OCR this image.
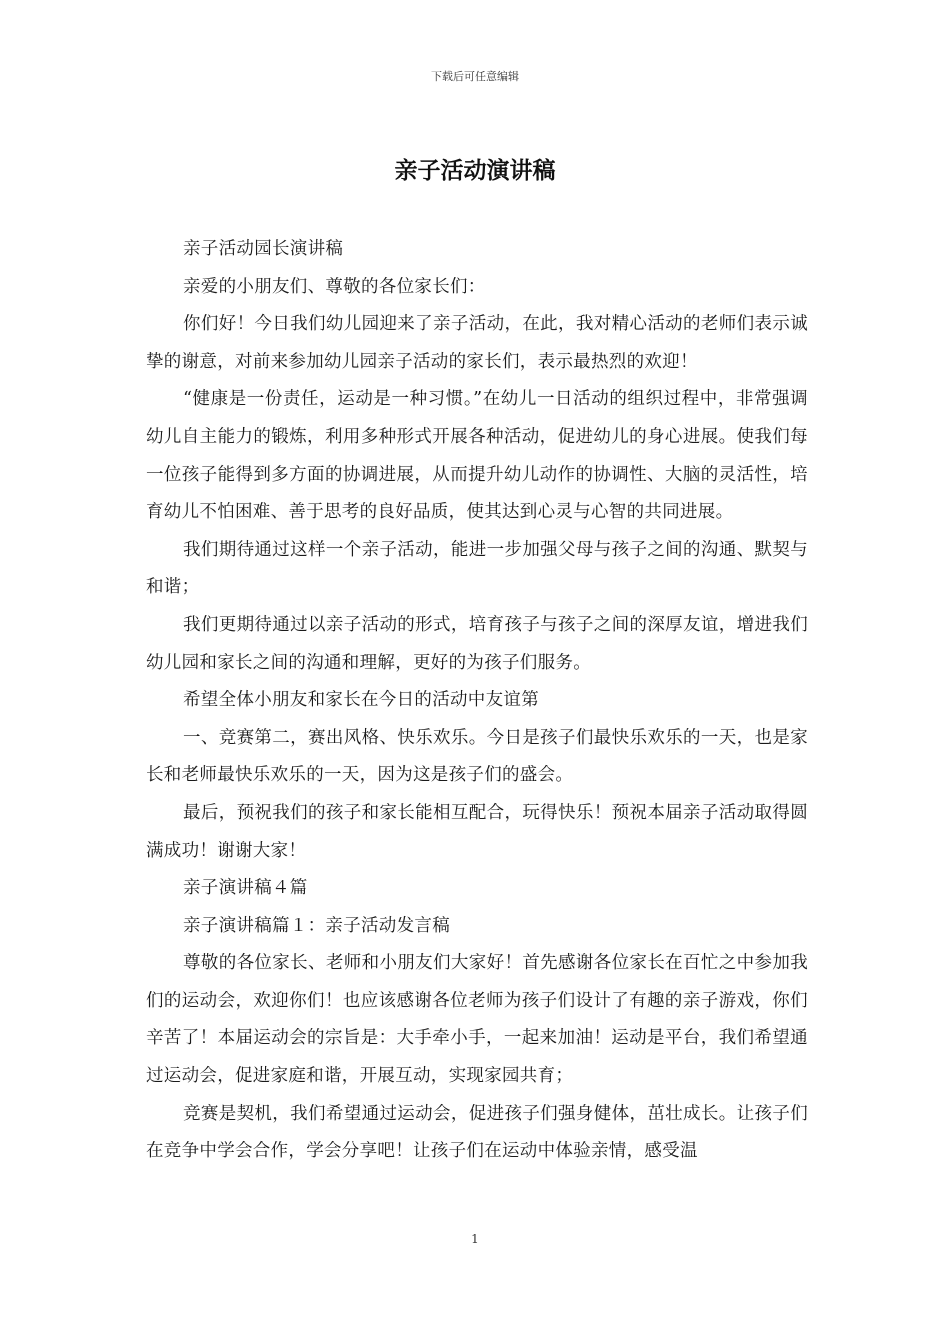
下载后可任意编辑
亲子活动演讲稿

亲子活动园长演讲稿

亲爱的小朋友们、尊敬的各位家长们：

你们好！今日我们幼儿园迎来了亲子活动，在此，我对精心活动的老师们表示诚挚的谢意，对前来参加幼儿园亲子活动的家长们，表示最热烈的欢迎！

“健康是一份责任，运动是一种习惯。”在幼儿一日活动的组织过程中，非常强调幼儿自主能力的锻炼，利用多种形式开展各种活动，促进幼儿的身心进展。使我们每一位孩子能得到多方面的协调进展，从而提升幼儿动作的协调性、大脑的灵活性，培育幼儿不怕困难、善于思考的良好品质，使其达到心灵与心智的共同进展。

我们期待通过这样一个亲子活动，能进一步加强父母与孩子之间的沟通、默契与和谐；

我们更期待通过以亲子活动的形式，培育孩子与孩子之间的深厚友谊，增进我们幼儿园和家长之间的沟通和理解，更好的为孩子们服务。

希望全体小朋友和家长在今日的活动中友谊第

一、竞赛第二，赛出风格、快乐欢乐。今日是孩子们最快乐欢乐的一天，也是家长和老师最快乐欢乐的一天，因为这是孩子们的盛会。

最后，预祝我们的孩子和家长能相互配合，玩得快乐！预祝本届亲子活动取得圆满成功！谢谢大家！

亲子演讲稿４篇

亲子演讲稿篇１：亲子活动发言稿

尊敬的各位家长、老师和小朋友们大家好！首先感谢各位家长在百忙之中参加我们的运动会，欢迎你们！也应该感谢各位老师为孩子们设计了有趣的亲子游戏，你们辛苦了！本届运动会的宗旨是：大手牵小手，一起来加油！运动是平台，我们希望通过运动会，促进家庭和谐，开展互动，实现家园共育；

竞赛是契机，我们希望通过运动会，促进孩子们强身健体，茁壮成长。让孩子们在竞争中学会合作，学会分享吧！让孩子们在运动中体验亲情，感受温

1
